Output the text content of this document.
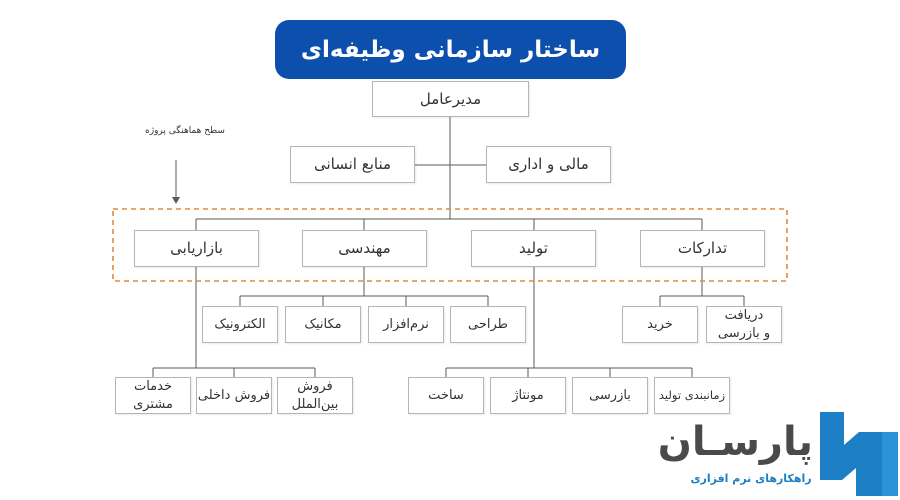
ساختار سازمانی وظیفه‌ای
مدیرعامل
منابع انسانی	مالی و اداری
سطح هماهنگی پروژه
بازاریابی	مهندسی	تولید	تدارکات
الکترونیک	مکانیک	نرم‌افزار	طراحی	خرید
دریافت
و بازرسی
خدمات
مشتری
فروش داخلی
فروش
بین‌الملل
ساخت	مونتاژ	بازرسی	زمانبندی تولید
پارسـان
راهکارهای نرم افزاری
